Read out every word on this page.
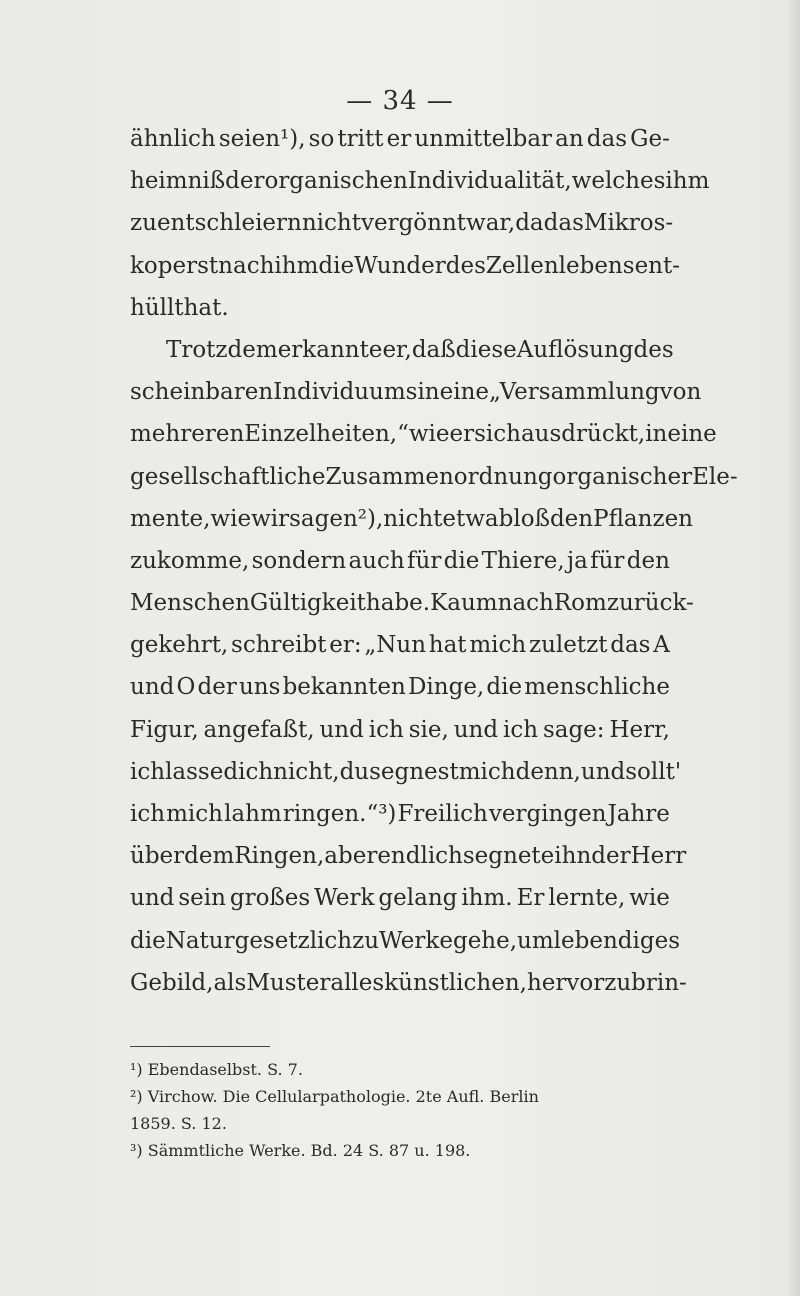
— 34 —
ähnlich seien¹), so tritt er unmittelbar an das Ge-
heimniß der organischen Individualität, welches ihm
zu entschleiern nicht vergönnt war, da das Mikros-
kop erst nach ihm die Wunder des Zellenlebens ent-
hüllt hat.
Trotzdem erkannte er, daß diese Auflösung des
scheinbaren Individuums in eine „Versammlung von
mehreren Einzelheiten,“ wie er sich ausdrückt, in eine
gesellschaftliche Zusammenordnung organischer Ele-
mente, wie wir sagen²), nicht etwa bloß den Pflanzen
zukomme, sondern auch für die Thiere, ja für den
Menschen Gültigkeit habe. Kaum nach Rom zurück-
gekehrt, schreibt er: „Nun hat mich zuletzt das A
und O der uns bekannten Dinge, die menschliche
Figur, angefaßt, und ich sie, und ich sage: Herr,
ich lasse dich nicht, du segnest mich denn, und sollt'
ich mich lahm ringen.“³) Freilich vergingen Jahre
über dem Ringen, aber endlich segnete ihn der Herr
und sein großes Werk gelang ihm. Er lernte, wie
die Natur gesetzlich zu Werke gehe, um lebendiges
Gebild, als Muster alles künstlichen, hervorzubrin-
¹) Ebendaselbst. S. 7.
²) Virchow. Die Cellularpathologie. 2te Aufl. Berlin
1859. S. 12.
³) Sämmtliche Werke. Bd. 24 S. 87 u. 198.
